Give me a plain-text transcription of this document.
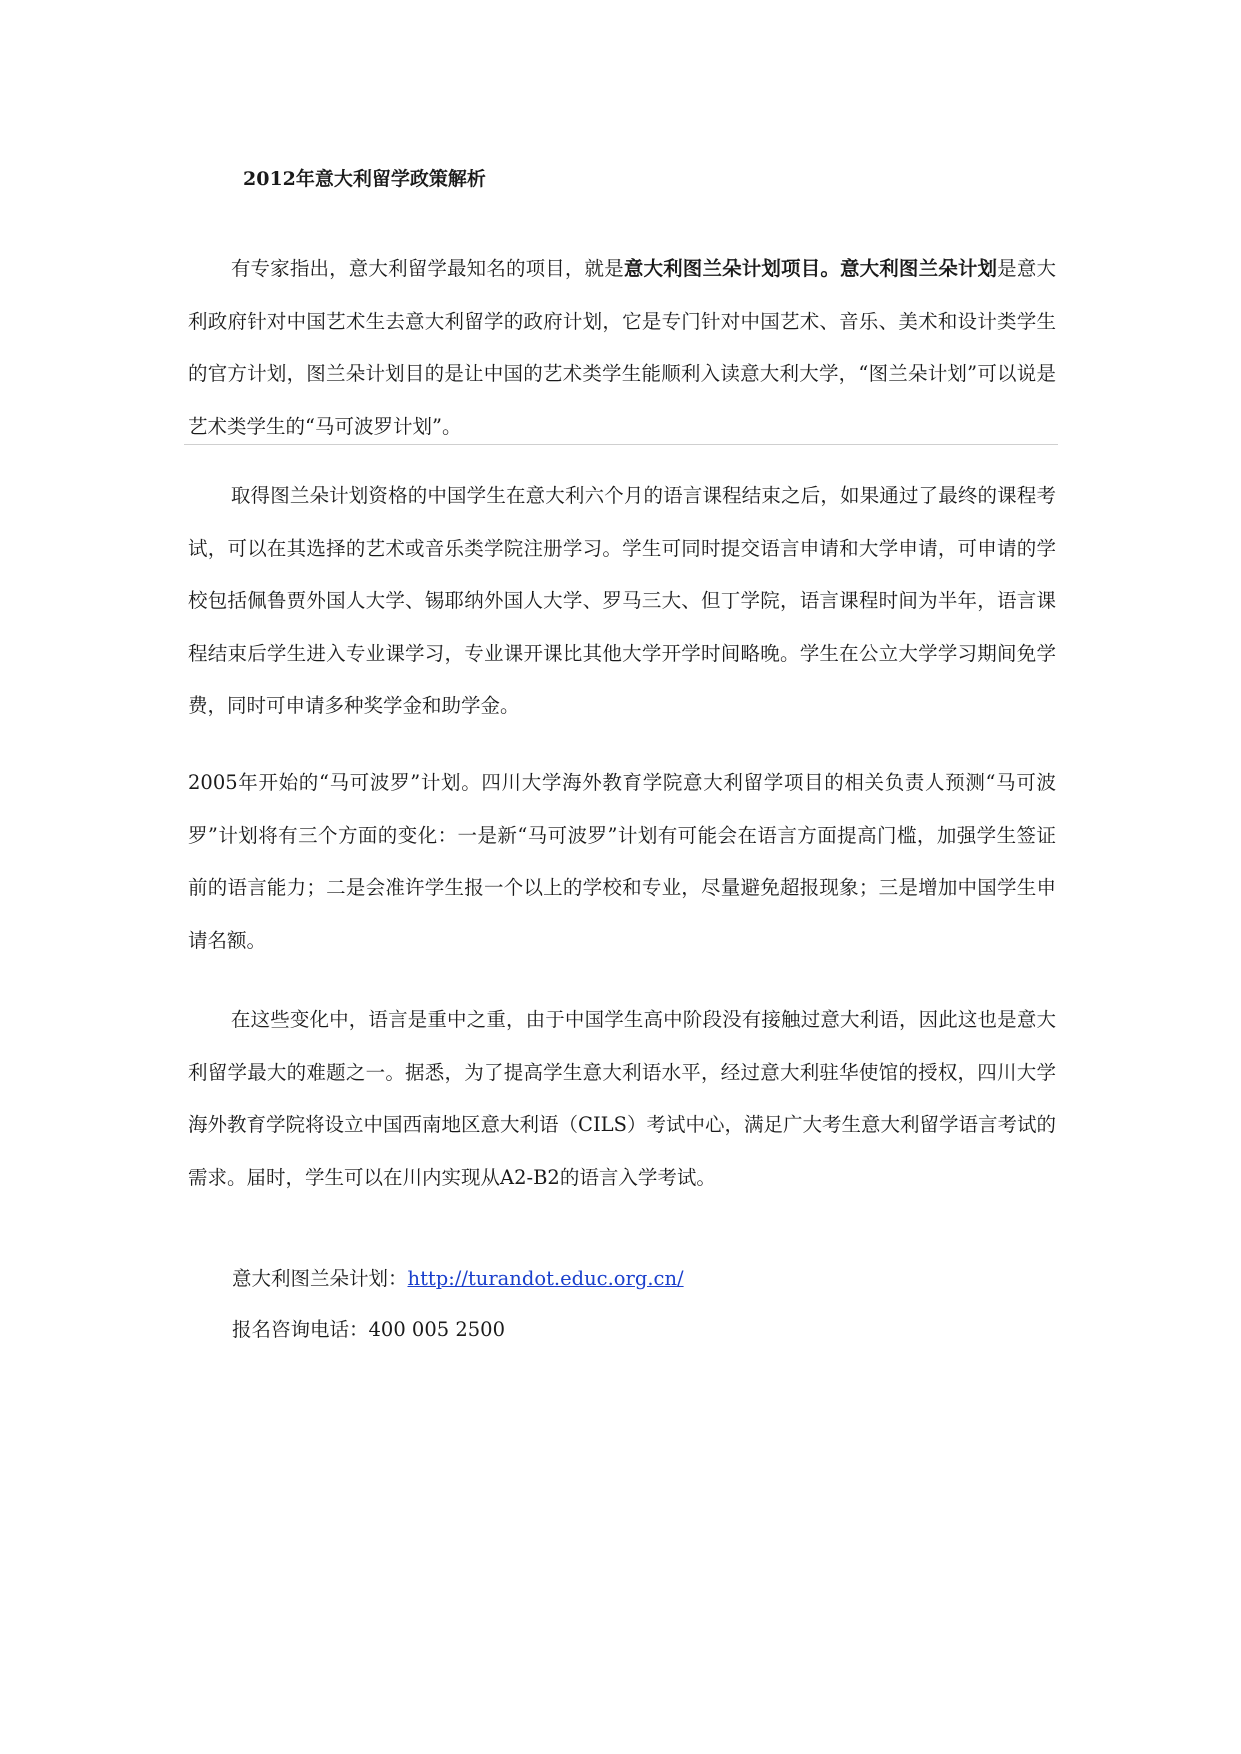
2012年意大利留学政策解析

有专家指出，意大利留学最知名的项目，就是意大利图兰朵计划项目。意大利图兰朵计划是意大利政府针对中国艺术生去意大利留学的政府计划，它是专门针对中国艺术、音乐、美术和设计类学生的官方计划，图兰朵计划目的是让中国的艺术类学生能顺利入读意大利大学，“图兰朵计划”可以说是艺术类学生的“马可波罗计划”。

取得图兰朵计划资格的中国学生在意大利六个月的语言课程结束之后，如果通过了最终的课程考试，可以在其选择的艺术或音乐类学院注册学习。学生可同时提交语言申请和大学申请，可申请的学校包括佩鲁贾外国人大学、锡耶纳外国人大学、罗马三大、但丁学院，语言课程时间为半年，语言课程结束后学生进入专业课学习，专业课开课比其他大学开学时间略晚。学生在公立大学学习期间免学费，同时可申请多种奖学金和助学金。

2005年开始的“马可波罗”计划。四川大学海外教育学院意大利留学项目的相关负责人预测“马可波罗”计划将有三个方面的变化：一是新“马可波罗”计划有可能会在语言方面提高门槛，加强学生签证前的语言能力；二是会准许学生报一个以上的学校和专业，尽量避免超报现象；三是增加中国学生申请名额。

在这些变化中，语言是重中之重，由于中国学生高中阶段没有接触过意大利语，因此这也是意大利留学最大的难题之一。据悉，为了提高学生意大利语水平，经过意大利驻华使馆的授权，四川大学海外教育学院将设立中国西南地区意大利语（CILS）考试中心，满足广大考生意大利留学语言考试的需求。届时，学生可以在川内实现从A2-B2的语言入学考试。

意大利图兰朵计划：http://turandot.educ.org.cn/

报名咨询电话：400 005 2500
